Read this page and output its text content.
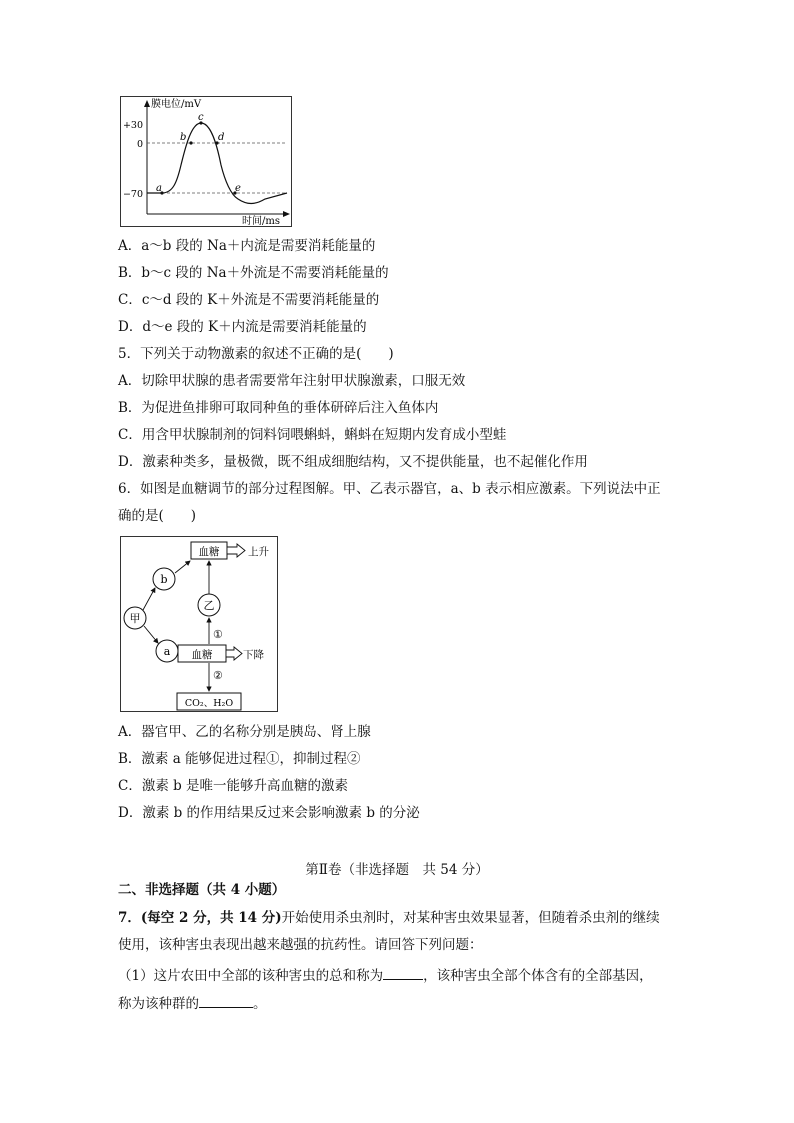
+30
0
−70
膜电位/mV
时间/ms
a
b
c
d
e
A．a～b 段的 Na＋内流是需要消耗能量的
B．b～c 段的 Na＋外流是不需要消耗能量的
C．c～d 段的 K＋外流是不需要消耗能量的
D．d～e 段的 K＋内流是需要消耗能量的
5．下列关于动物激素的叙述不正确的是(　　)
A．切除甲状腺的患者需要常年注射甲状腺激素，口服无效
B．为促进鱼排卵可取同种鱼的垂体研碎后注入鱼体内
C．用含甲状腺制剂的饲料饲喂蝌蚪，蝌蚪在短期内发育成小型蛙
D．激素种类多，量极微，既不组成细胞结构，又不提供能量，也不起催化作用
6．如图是血糖调节的部分过程图解。甲、乙表示器官，a、b 表示相应激素。下列说法中正
确的是(　　)
甲
b
a
乙
血糖	上升
血糖	下降
CO₂、H₂O
①
②
A．器官甲、乙的名称分别是胰岛、肾上腺
B．激素 a 能够促进过程①，抑制过程②
C．激素 b 是唯一能够升高血糖的激素
D．激素 b 的作用结果反过来会影响激素 b 的分泌
第Ⅱ卷（非选择题　共 54 分）
二、非选择题（共 4 小题）
7．(每空 2 分，共 14 分)开始使用杀虫剂时，对某种害虫效果显著，但随着杀虫剂的继续
使用，该种害虫表现出越来越强的抗药性。请回答下列问题：
（1）这片农田中全部的该种害虫的总和称为	，该种害虫全部个体含有的全部基因，
称为该种群的	。
